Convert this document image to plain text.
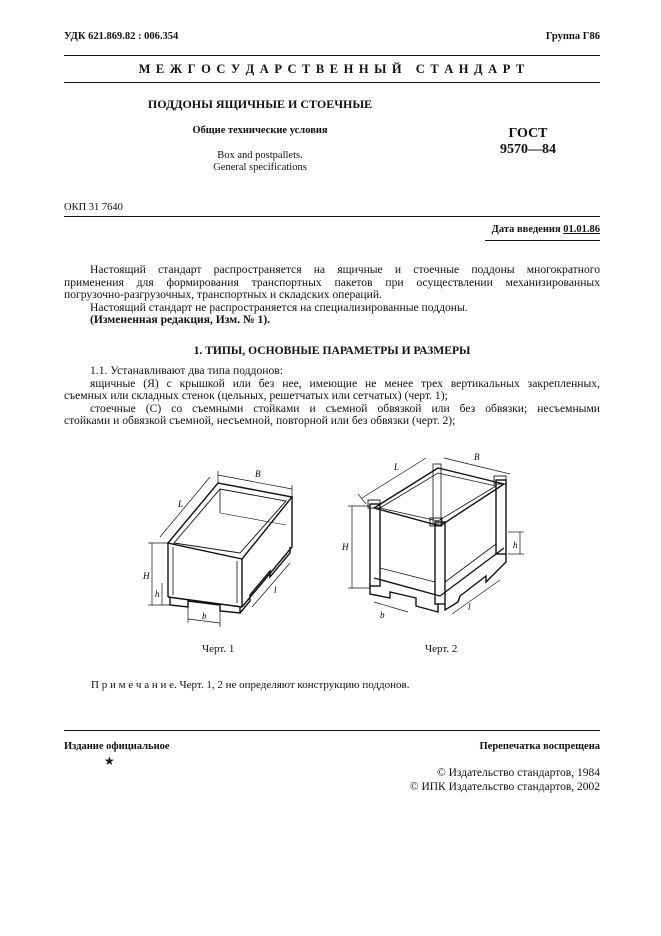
УДК 621.869.82 : 006.354	Группа Г86
М Е Ж Г О С У Д А Р С Т В Е Н Н Ы Й   С Т А Н Д А Р Т
ПОДДОНЫ ЯЩИЧНЫЕ И СТОЕЧНЫЕ
Общие технические условия
Box and postpallets.
General specifications
ГОСТ
9570—84
ОКП 31 7640
Дата введения 01.01.86
Настоящий стандарт распространяется на ящичные и стоечные поддоны многократного
применения для формирования транспортных пакетов при осуществлении механизированных
погрузочно-разгрузочных, транспортных и складских операций.
Настоящий стандарт не распространяется на специализированные поддоны.
(Измененная редакция, Изм. № 1).
1. ТИПЫ, ОСНОВНЫЕ ПАРАМЕТРЫ И РАЗМЕРЫ
1.1. Устанавливают два типа поддонов:
ящичные (Я) с крышкой или без нее, имеющие не менее трех вертикальных закрепленных,
съемных или складных стенок (цельных, решетчатых или сетчатых) (черт. 1);
стоечные (С) со съемными стойками и съемной обвязкой или без обвязки; несъемными
стойками и обвязкой съемной, несъемной, повторной или без обвязки (черт. 2);
B
L
H
h
b
l
Черт. 1
L
B
H	h
b
l
Черт. 2
П р и м е ч а н и е. Черт. 1, 2 не определяют конструкцию поддонов.
Издание официальное	Перепечатка воспрещена
★
© Издательство стандартов, 1984
© ИПК Издательство стандартов, 2002
